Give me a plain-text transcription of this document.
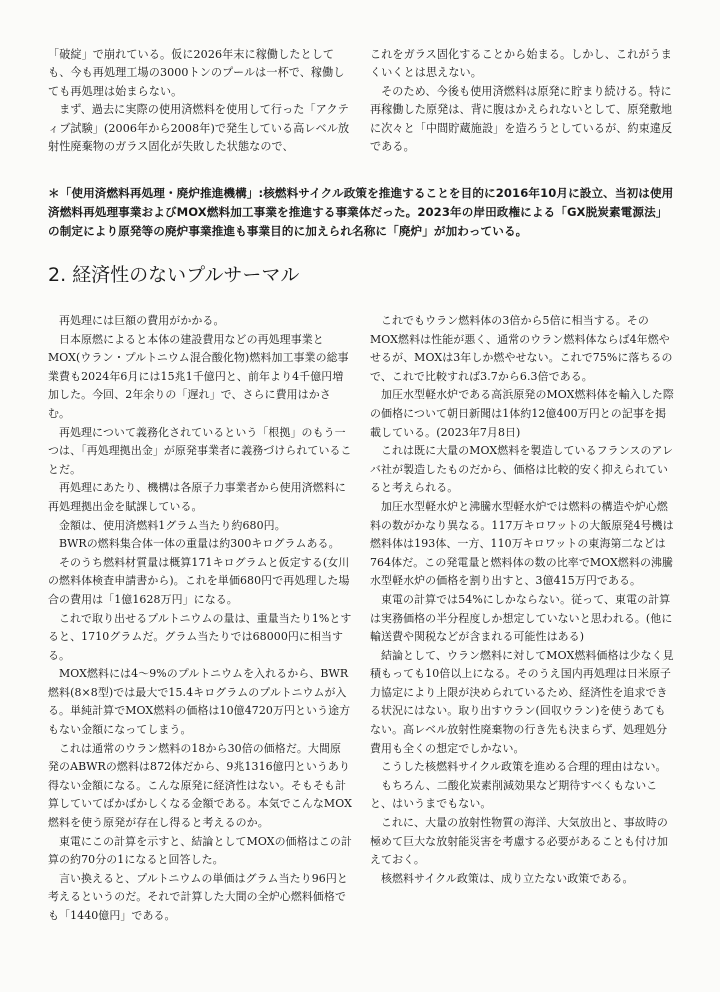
「破綻」で崩れている。仮に2026年末に稼働したとしても、今も再処理工場の3000トンのプールは一杯で、稼働しても再処理は始まらない。

まず、過去に実際の使用済燃料を使用して行った「アクティブ試験」(2006年から2008年)で発生している高レベル放射性廃棄物のガラス固化が失敗した状態なので、

これをガラス固化することから始まる。しかし、これがうまくいくとは思えない。

そのため、今後も使用済燃料は原発に貯まり続ける。特に再稼働した原発は、背に腹はかえられないとして、原発敷地に次々と「中間貯蔵施設」を造ろうとしているが、約束違反である。

＊「使用済燃料再処理・廃炉推進機構」:核燃料サイクル政策を推進することを目的に2016年10月に設立、当初は使用済燃料再処理事業およびMOX燃料加工事業を推進する事業体だった。2023年の岸田政権による「GX脱炭素電源法」の制定により原発等の廃炉事業推進も事業目的に加えられ名称に「廃炉」が加わっている。

2. 経済性のないプルサーマル

再処理には巨額の費用がかかる。

日本原燃によると本体の建設費用などの再処理事業とMOX(ウラン・プルトニウム混合酸化物)燃料加工事業の総事業費も2024年6月には15兆1千億円と、前年より4千億円増加した。今回、2年余りの「遅れ」で、さらに費用はかさむ。

再処理について義務化されているという「根拠」のもう一つは、「再処理拠出金」が原発事業者に義務づけられていることだ。

再処理にあたり、機構は各原子力事業者から使用済燃料に再処理拠出金を賦課している。

金額は、使用済燃料1グラム当たり約680円。

BWRの燃料集合体一体の重量は約300キログラムある。

そのうち燃料材質量は概算171キログラムと仮定する(女川の燃料体検査申請書から)。これを単価680円で再処理した場合の費用は「1億1628万円」になる。

これで取り出せるプルトニウムの量は、重量当たり1%とすると、1710グラムだ。グラム当たりでは68000円に相当する。

MOX燃料には4〜9%のプルトニウムを入れるから、BWR燃料(8×8型)では最大で15.4キログラムのプルトニウムが入る。単純計算でMOX燃料の価格は10億4720万円という途方もない金額になってしまう。

これは通常のウラン燃料の18から30倍の価格だ。大間原発のABWRの燃料は872体だから、9兆1316億円というあり得ない金額になる。こんな原発に経済性はない。そもそも計算していてばかばかしくなる金額である。本気でこんなMOX燃料を使う原発が存在し得ると考えるのか。

東電にこの計算を示すと、結論としてMOXの価格はこの計算の約70分の1になると回答した。

言い換えると、プルトニウムの単価はグラム当たり96円と考えるというのだ。それで計算した大間の全炉心燃料価格でも「1440億円」である。

これでもウラン燃料体の3倍から5倍に相当する。そのMOX燃料は性能が悪く、通常のウラン燃料体ならば4年燃やせるが、MOXは3年しか燃やせない。これで75%に落ちるので、これで比較すれば3.7から6.3倍である。

加圧水型軽水炉である高浜原発のMOX燃料体を輸入した際の価格について朝日新聞は1体約12億400万円との記事を掲載している。(2023年7月8日)

これは既に大量のMOX燃料を製造しているフランスのアレバ社が製造したものだから、価格は比較的安く抑えられていると考えられる。

加圧水型軽水炉と沸騰水型軽水炉では燃料の構造や炉心燃料の数がかなり異なる。117万キロワットの大飯原発4号機は燃料体は193体、一方、110万キロワットの東海第二などは764体だ。この発電量と燃料体の数の比率でMOX燃料の沸騰水型軽水炉の価格を割り出すと、3億415万円である。

東電の計算では54%にしかならない。従って、東電の計算は実務価格の半分程度しか想定していないと思われる。(他に輸送費や関税などが含まれる可能性はある)

結論として、ウラン燃料に対してMOX燃料価格は少なく見積もっても10倍以上になる。そのうえ国内再処理は日米原子力協定により上限が決められているため、経済性を追求できる状況にはない。取り出すウラン(回収ウラン)を使うあてもない。高レベル放射性廃棄物の行き先も決まらず、処理処分費用も全くの想定でしかない。

こうした核燃料サイクル政策を進める合理的理由はない。

もちろん、二酸化炭素削減効果など期待すべくもないこと、はいうまでもない。

これに、大量の放射性物質の海洋、大気放出と、事故時の極めて巨大な放射能災害を考慮する必要があることも付け加えておく。

核燃料サイクル政策は、成り立たない政策である。
